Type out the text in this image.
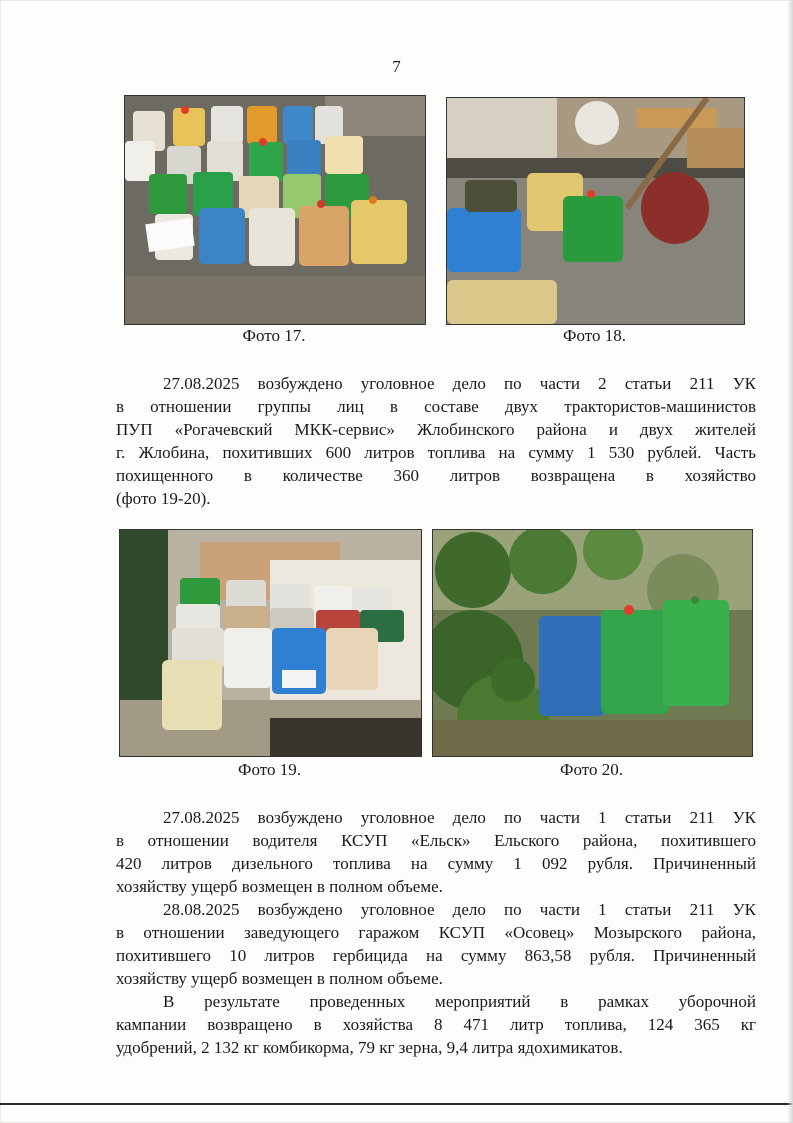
7
Фото 17.	Фото 18.

27.08.2025 возбуждено уголовное дело по части 2 статьи 211 УК
в отношении группы лиц в составе двух трактористов-машинистов
ПУП «Рогачевский МКК-сервис» Жлобинского района и двух жителей
г. Жлобина, похитивших 600 литров топлива на сумму 1 530 рублей. Часть
похищенного в количестве 360 литров возвращена в хозяйство
(фото 19-20).

Фото 19.	Фото 20.

27.08.2025 возбуждено уголовное дело по части 1 статьи 211 УК
в отношении водителя КСУП «Ельск» Ельского района, похитившего
420 литров дизельного топлива на сумму 1 092 рубля. Причиненный
хозяйству ущерб возмещен в полном объеме.

28.08.2025 возбуждено уголовное дело по части 1 статьи 211 УК
в отношении заведующего гаражом КСУП «Осовец» Мозырского района,
похитившего 10 литров гербицида на сумму 863,58 рубля. Причиненный
хозяйству ущерб возмещен в полном объеме.

В результате проведенных мероприятий в рамках уборочной
кампании возвращено в хозяйства 8 471 литр топлива, 124 365 кг
удобрений, 2 132 кг комбикорма, 79 кг зерна, 9,4 литра ядохимикатов.
